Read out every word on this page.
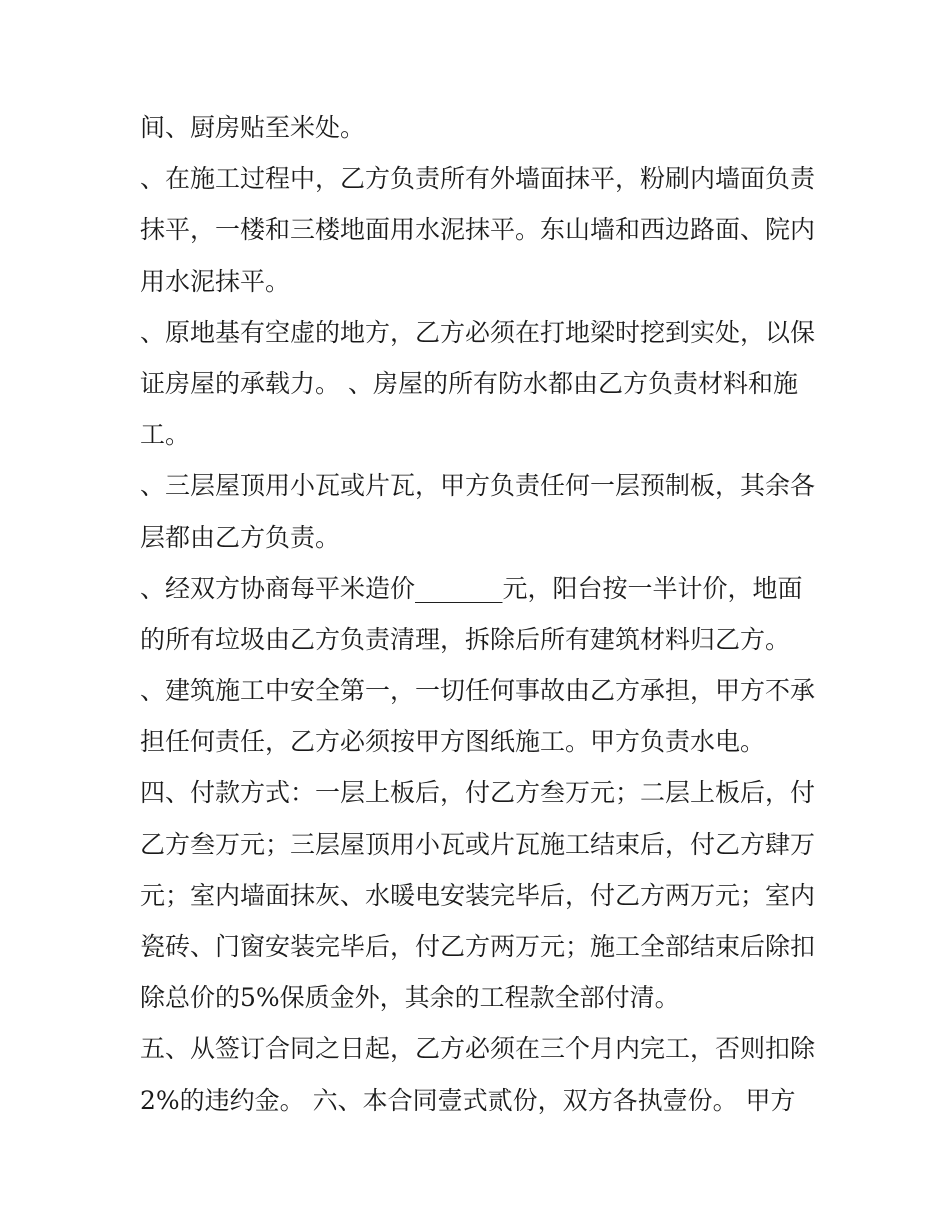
间、厨房贴至米处。
、在施工过程中，乙方负责所有外墙面抹平，粉刷内墙面负责
抹平，一楼和三楼地面用水泥抹平。东山墙和西边路面、院内
用水泥抹平。
、原地基有空虚的地方，乙方必须在打地梁时挖到实处，以保
证房屋的承载力。 、房屋的所有防水都由乙方负责材料和施
工。
、三层屋顶用小瓦或片瓦，甲方负责任何一层预制板，其余各
层都由乙方负责。
、经双方协商每平米造价_______元，阳台按一半计价，地面
的所有垃圾由乙方负责清理，拆除后所有建筑材料归乙方。
、建筑施工中安全第一，一切任何事故由乙方承担，甲方不承
担任何责任，乙方必须按甲方图纸施工。甲方负责水电。
四、付款方式：一层上板后，付乙方叁万元；二层上板后，付
乙方叁万元；三层屋顶用小瓦或片瓦施工结束后，付乙方肆万
元；室内墙面抹灰、水暖电安装完毕后，付乙方两万元；室内
瓷砖、门窗安装完毕后，付乙方两万元；施工全部结束后除扣
除总价的5%保质金外，其余的工程款全部付清。
五、从签订合同之日起，乙方必须在三个月内完工，否则扣除
2%的违约金。 六、本合同壹式贰份，双方各执壹份。 甲方
